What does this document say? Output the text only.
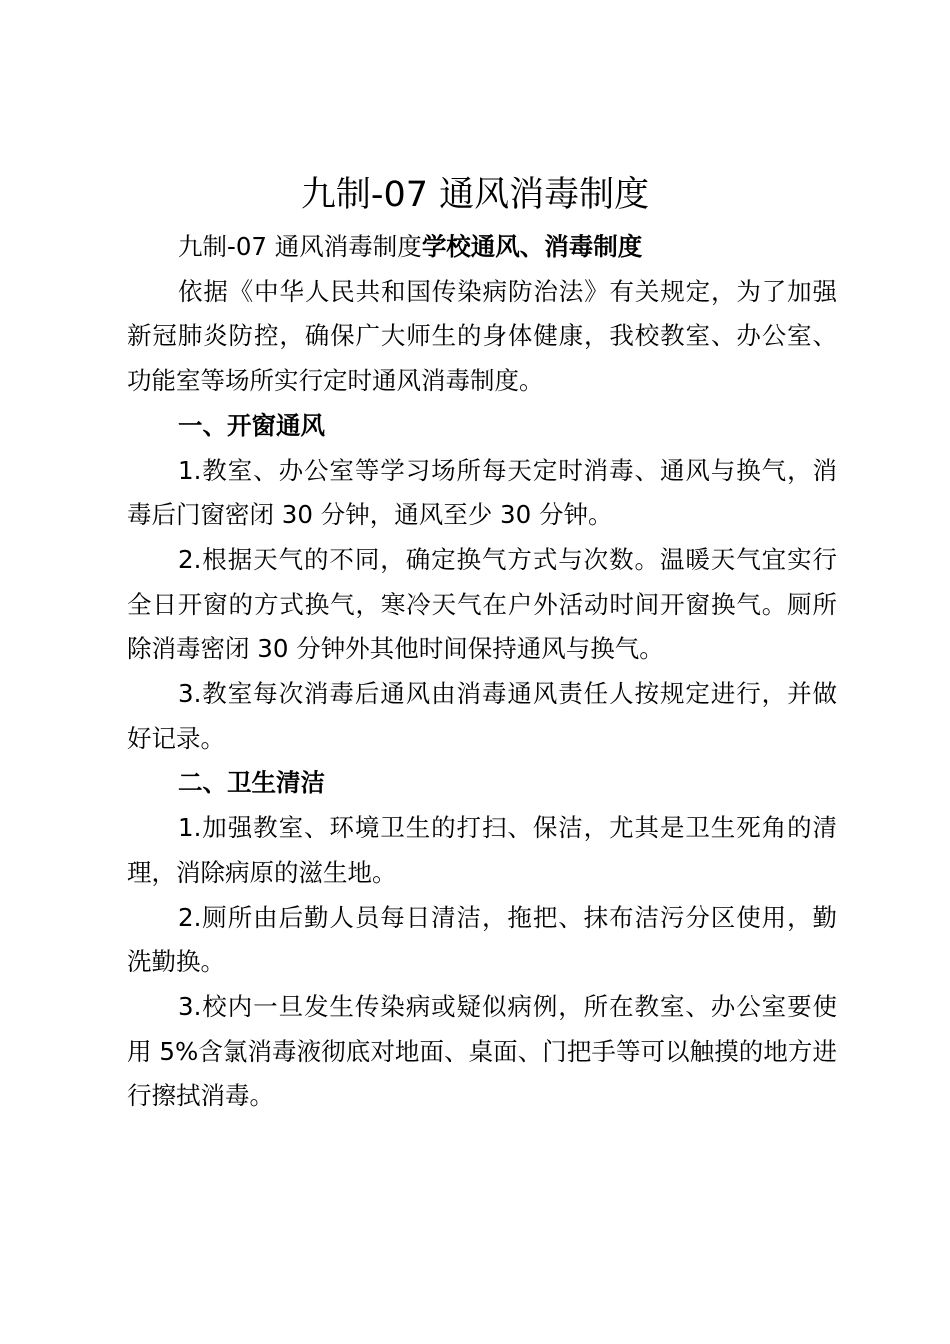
九制-07 通风消毒制度

九制-07 通风消毒制度学校通风、消毒制度

依据《中华人民共和国传染病防治法》有关规定，为了加强新冠肺炎防控，确保广大师生的身体健康，我校教室、办公室、功能室等场所实行定时通风消毒制度。

一、开窗通风

1.教室、办公室等学习场所每天定时消毒、通风与换气，消毒后门窗密闭 30 分钟，通风至少 30 分钟。

2.根据天气的不同，确定换气方式与次数。温暖天气宜实行全日开窗的方式换气，寒冷天气在户外活动时间开窗换气。厕所除消毒密闭 30 分钟外其他时间保持通风与换气。

3.教室每次消毒后通风由消毒通风责任人按规定进行，并做好记录。

二、卫生清洁

1.加强教室、环境卫生的打扫、保洁，尤其是卫生死角的清理，消除病原的滋生地。

2.厕所由后勤人员每日清洁，拖把、抹布洁污分区使用，勤洗勤换。

3.校内一旦发生传染病或疑似病例，所在教室、办公室要使用 5%含氯消毒液彻底对地面、桌面、门把手等可以触摸的地方进行擦拭消毒。
